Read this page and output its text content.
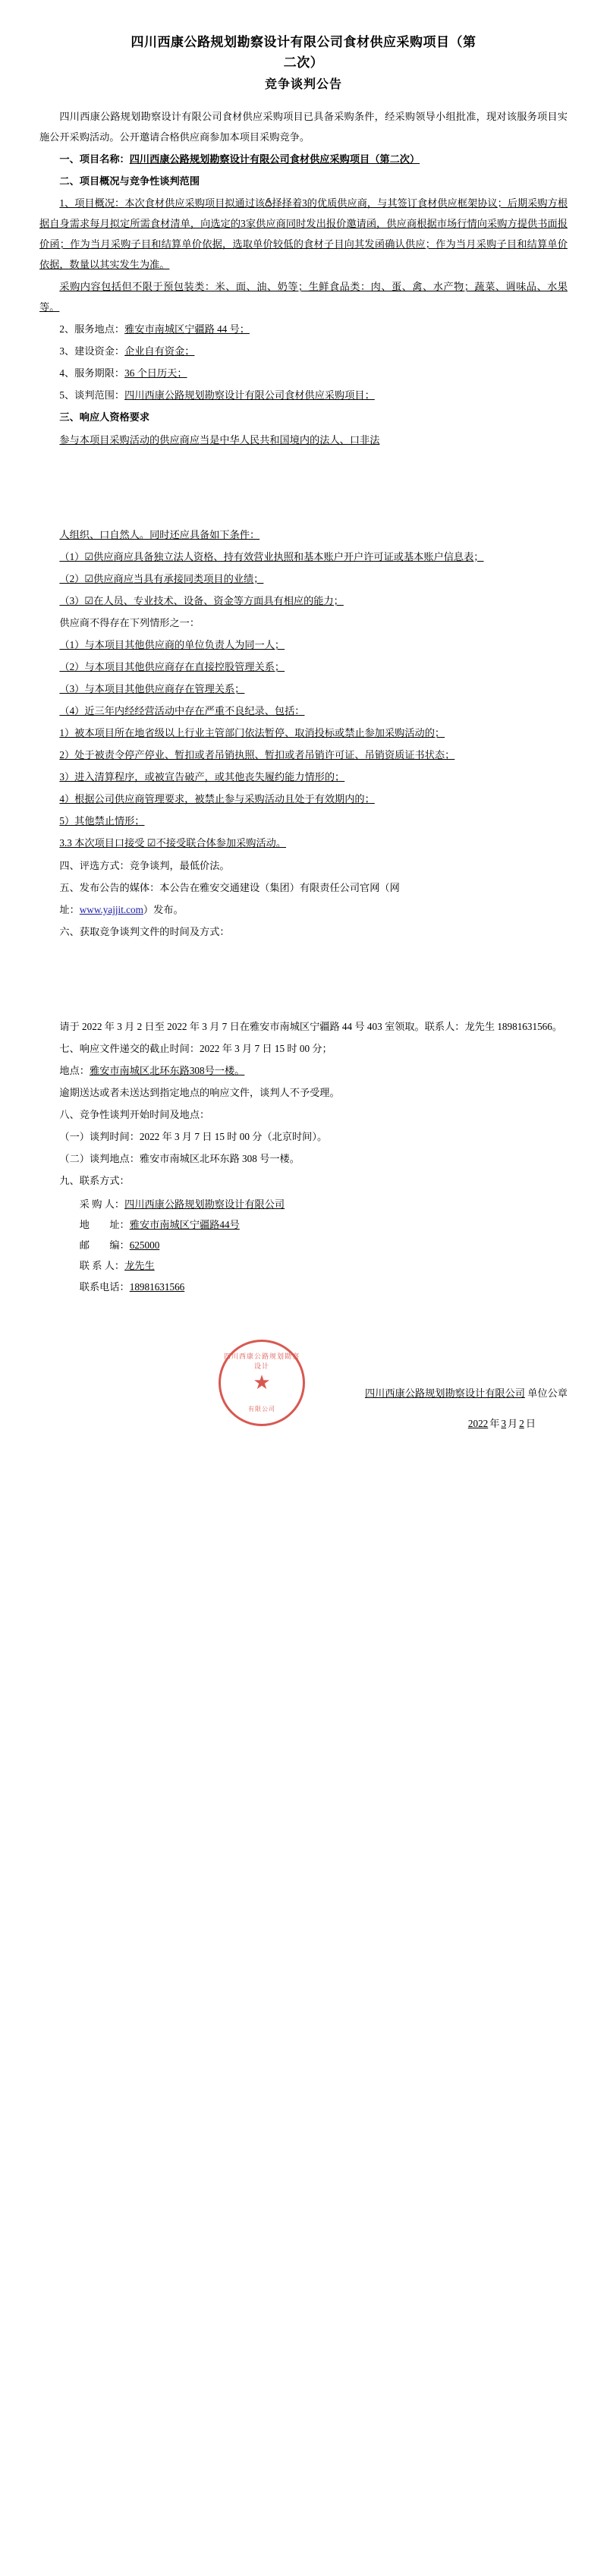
四川西康公路规划勘察设计有限公司食材供应采购项目（第
二次）
竞争谈判公告

四川西康公路规划勘察设计有限公司食材供应采购项目已具备采购条件，经采购领导小组批准，现对该服务项目实施公开采购活动。公开邀请合格供应商参加本项目采购竞争。

一、项目名称：四川西康公路规划勘察设计有限公司食材供应采购项目（第二次）

二、项目概况与竞争性谈判范围

1、项目概况：本次食材供应采购项目拟通过该దీ择择着3的优质供应商，与其签订食材供应框架协议；后期采购方根据自身需求每月拟定所需食材清单，向选定的3家供应商同时发出报价邀请函，供应商根据市场行情向采购方提供书面报价函；作为当月采购子目和结算单价依据，选取单价较低的食材子目向其发函确认供应；作为当月采购子目和结算单价依据，数量以其实发生为准。

采购内容包括但不限于预包装类：米、面、油、奶等；生鲜食品类：肉、蛋、禽、水产物；蔬菜、调味品、水果等。

2、服务地点：雅安市南城区宁疆路 44 号；

3、建设资金：企业自有资金；

4、服务期限：36 个日历天；

5、谈判范围：四川西康公路规划勘察设计有限公司食材供应采购项目；

三、响应人资格要求

参与本项目采购活动的供应商应当是中华人民共和国境内的法人、口非法

人组织、口自然人。同时还应具备如下条件：

（1）☑供应商应具备独立法人资格、持有效营业执照和基本账户开户许可证或基本账户信息表；

（2）☑供应商应当具有承接同类项目的业绩；

（3）☑在人员、专业技术、设备、资金等方面具有相应的能力；

供应商不得存在下列情形之一：

（1）与本项目其他供应商的单位负责人为同一人；

（2）与本项目其他供应商存在直接控股管理关系；

（3）与本项目其他供应商存在管理关系；

（4）近三年内经经营活动中存在严重不良纪录、包括：

1）被本项目所在地省级以上行业主管部门依法暂停、取消投标或禁止参加采购活动的；

2）处于被责令停产停业、暂扣或者吊销执照、暂扣或者吊销许可证、吊销资质证书状态；

3）进入清算程序，或被宣告破产，或其他丧失履约能力情形的；

4）根据公司供应商管理要求，被禁止参与采购活动且处于有效期内的；

5）其他禁止情形；

3.3 本次项目口接受 ☑不接受联合体参加采购活动。

四、评选方式：竞争谈判，最低价法。

五、发布公告的媒体：本公告在雅安交通建设（集团）有限责任公司官网（网

址：www.yajjit.com）发布。

六、获取竞争谈判文件的时间及方式：

请于 2022 年 3 月 2 日至 2022 年 3 月 7 日在雅安市南城区宁疆路 44 号 403 室领取。联系人：龙先生 18981631566。

七、响应文件递交的截止时间：2022 年 3 月 7 日 15 时 00 分；

地点：雅安市南城区北环东路308号一楼。

逾期送达或者未送达到指定地点的响应文件，谈判人不予受理。

八、竞争性谈判开始时间及地点：

（一）谈判时间：2022 年 3 月 7 日 15 时 00 分（北京时间）。

（二）谈判地点：雅安市南城区北环东路 308 号一楼。

九、联系方式：

采 购 人：四川西康公路规划勘察设计有限公司

地　　址：雅安市南城区宁疆路44号

邮　　编：625000

联 系 人：龙先生

联系电话：18981631566

四川西康公路规划勘察设计
★
有限公司
四川西康公路规划勘察设计有限公司 单位公章
2022 年 3 月 2 日
